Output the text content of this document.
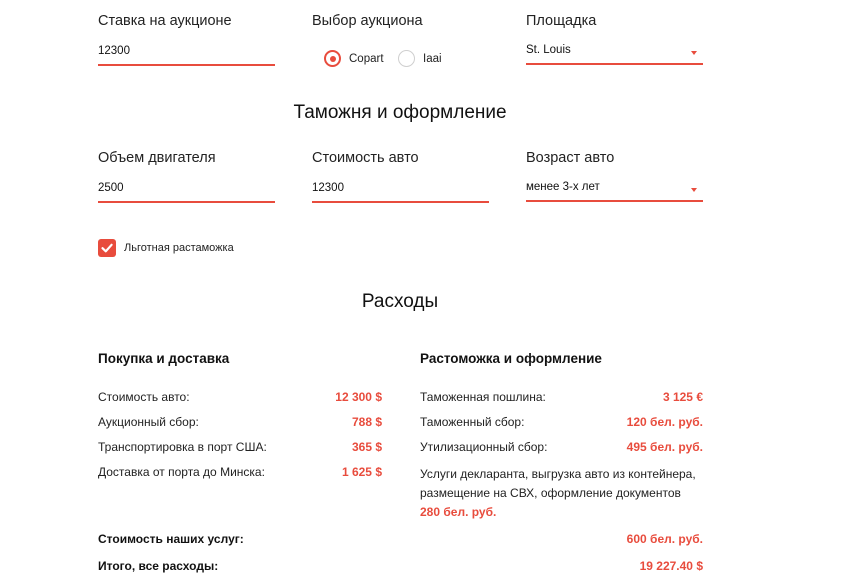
Ставка на аукционе
12300
Выбор аукциона
Copart	Iaai
Площадка
St. Louis
Таможня и оформление
Объем двигателя
2500
Стоимость авто
12300
Возраст авто
менее 3-х лет
Льготная растаможка
Расходы
Покупка и доставка	Растоможка и оформление
Стоимость авто:	12 300 $
Аукционный сбор:	788 $
Транспортировка в порт США:	365 $
Доставка от порта до Минска:	1 625 $
Таможенная пошлина:	3 125 €
Таможенный сбор:	120 бел. руб.
Утилизационный сбор:	495 бел. руб.
Услуги декларанта, выгрузка авто из контейнера, размещение на СВХ, оформление документов
280 бел. руб.
Стоимость наших услуг:	600 бел. руб.
Итого, все расходы:	19 227.40 $
